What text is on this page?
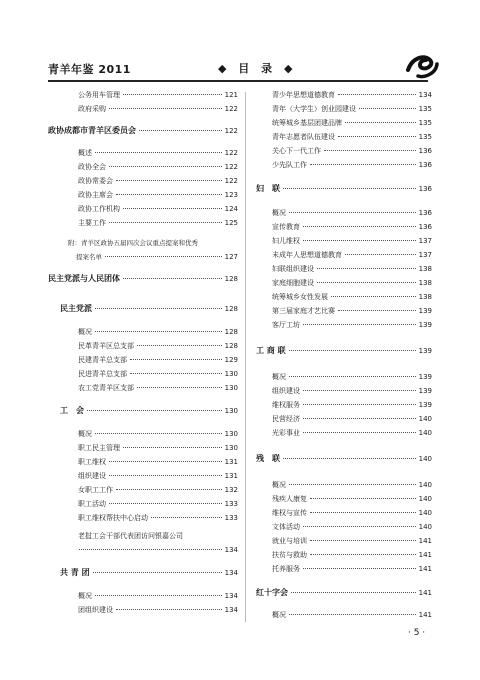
青羊年鉴 2011	◆ 目 录 ◆
公务用车管理	121
政府采购	122
政协成都市青羊区委员会	122
概述	122
政协全会	122
政协常委会	122
政协主席会	123
政协工作机构	124
主要工作	125
附：青羊区政协五届四次会议重点提案和优秀
提案名单	127
民主党派与人民团体	128
民主党派	128
概况	128
民革青羊区总支部	128
民建青羊总支部	129
民进青羊总支部	130
农工党青羊区支部	130
工　会	130
概况	130
职工民主管理	130
职工维权	131
组织建设	131
女职工工作	132
职工活动	133
职工维权帮扶中心启动	133
老挝工会干部代表团访问银嘉公司
134
共 青 团	134
概况	134
团组织建设	134
青少年思想道德教育	134
青年（大学生）创业园建设	135
统筹城乡基层团建品牌	135
青年志愿者队伍建设	135
关心下一代工作	136
少先队工作	136
妇　联	136
概况	136
宣传教育	136
妇儿维权	137
未成年人思想道德教育	137
妇联组织建设	138
家庭细胞建设	138
统筹城乡女性发展	138
第三届家庭才艺比赛	139
客厅工坊	139
工 商 联	139
概况	139
组织建设	139
维权服务	139
民营经济	140
光彩事业	140
残　联	140
概况	140
残疾人康复	140
维权与宣传	140
文体活动	140
就业与培训	141
扶贫与救助	141
托养服务	141
红十字会	141
概况	141
· 5 ·
